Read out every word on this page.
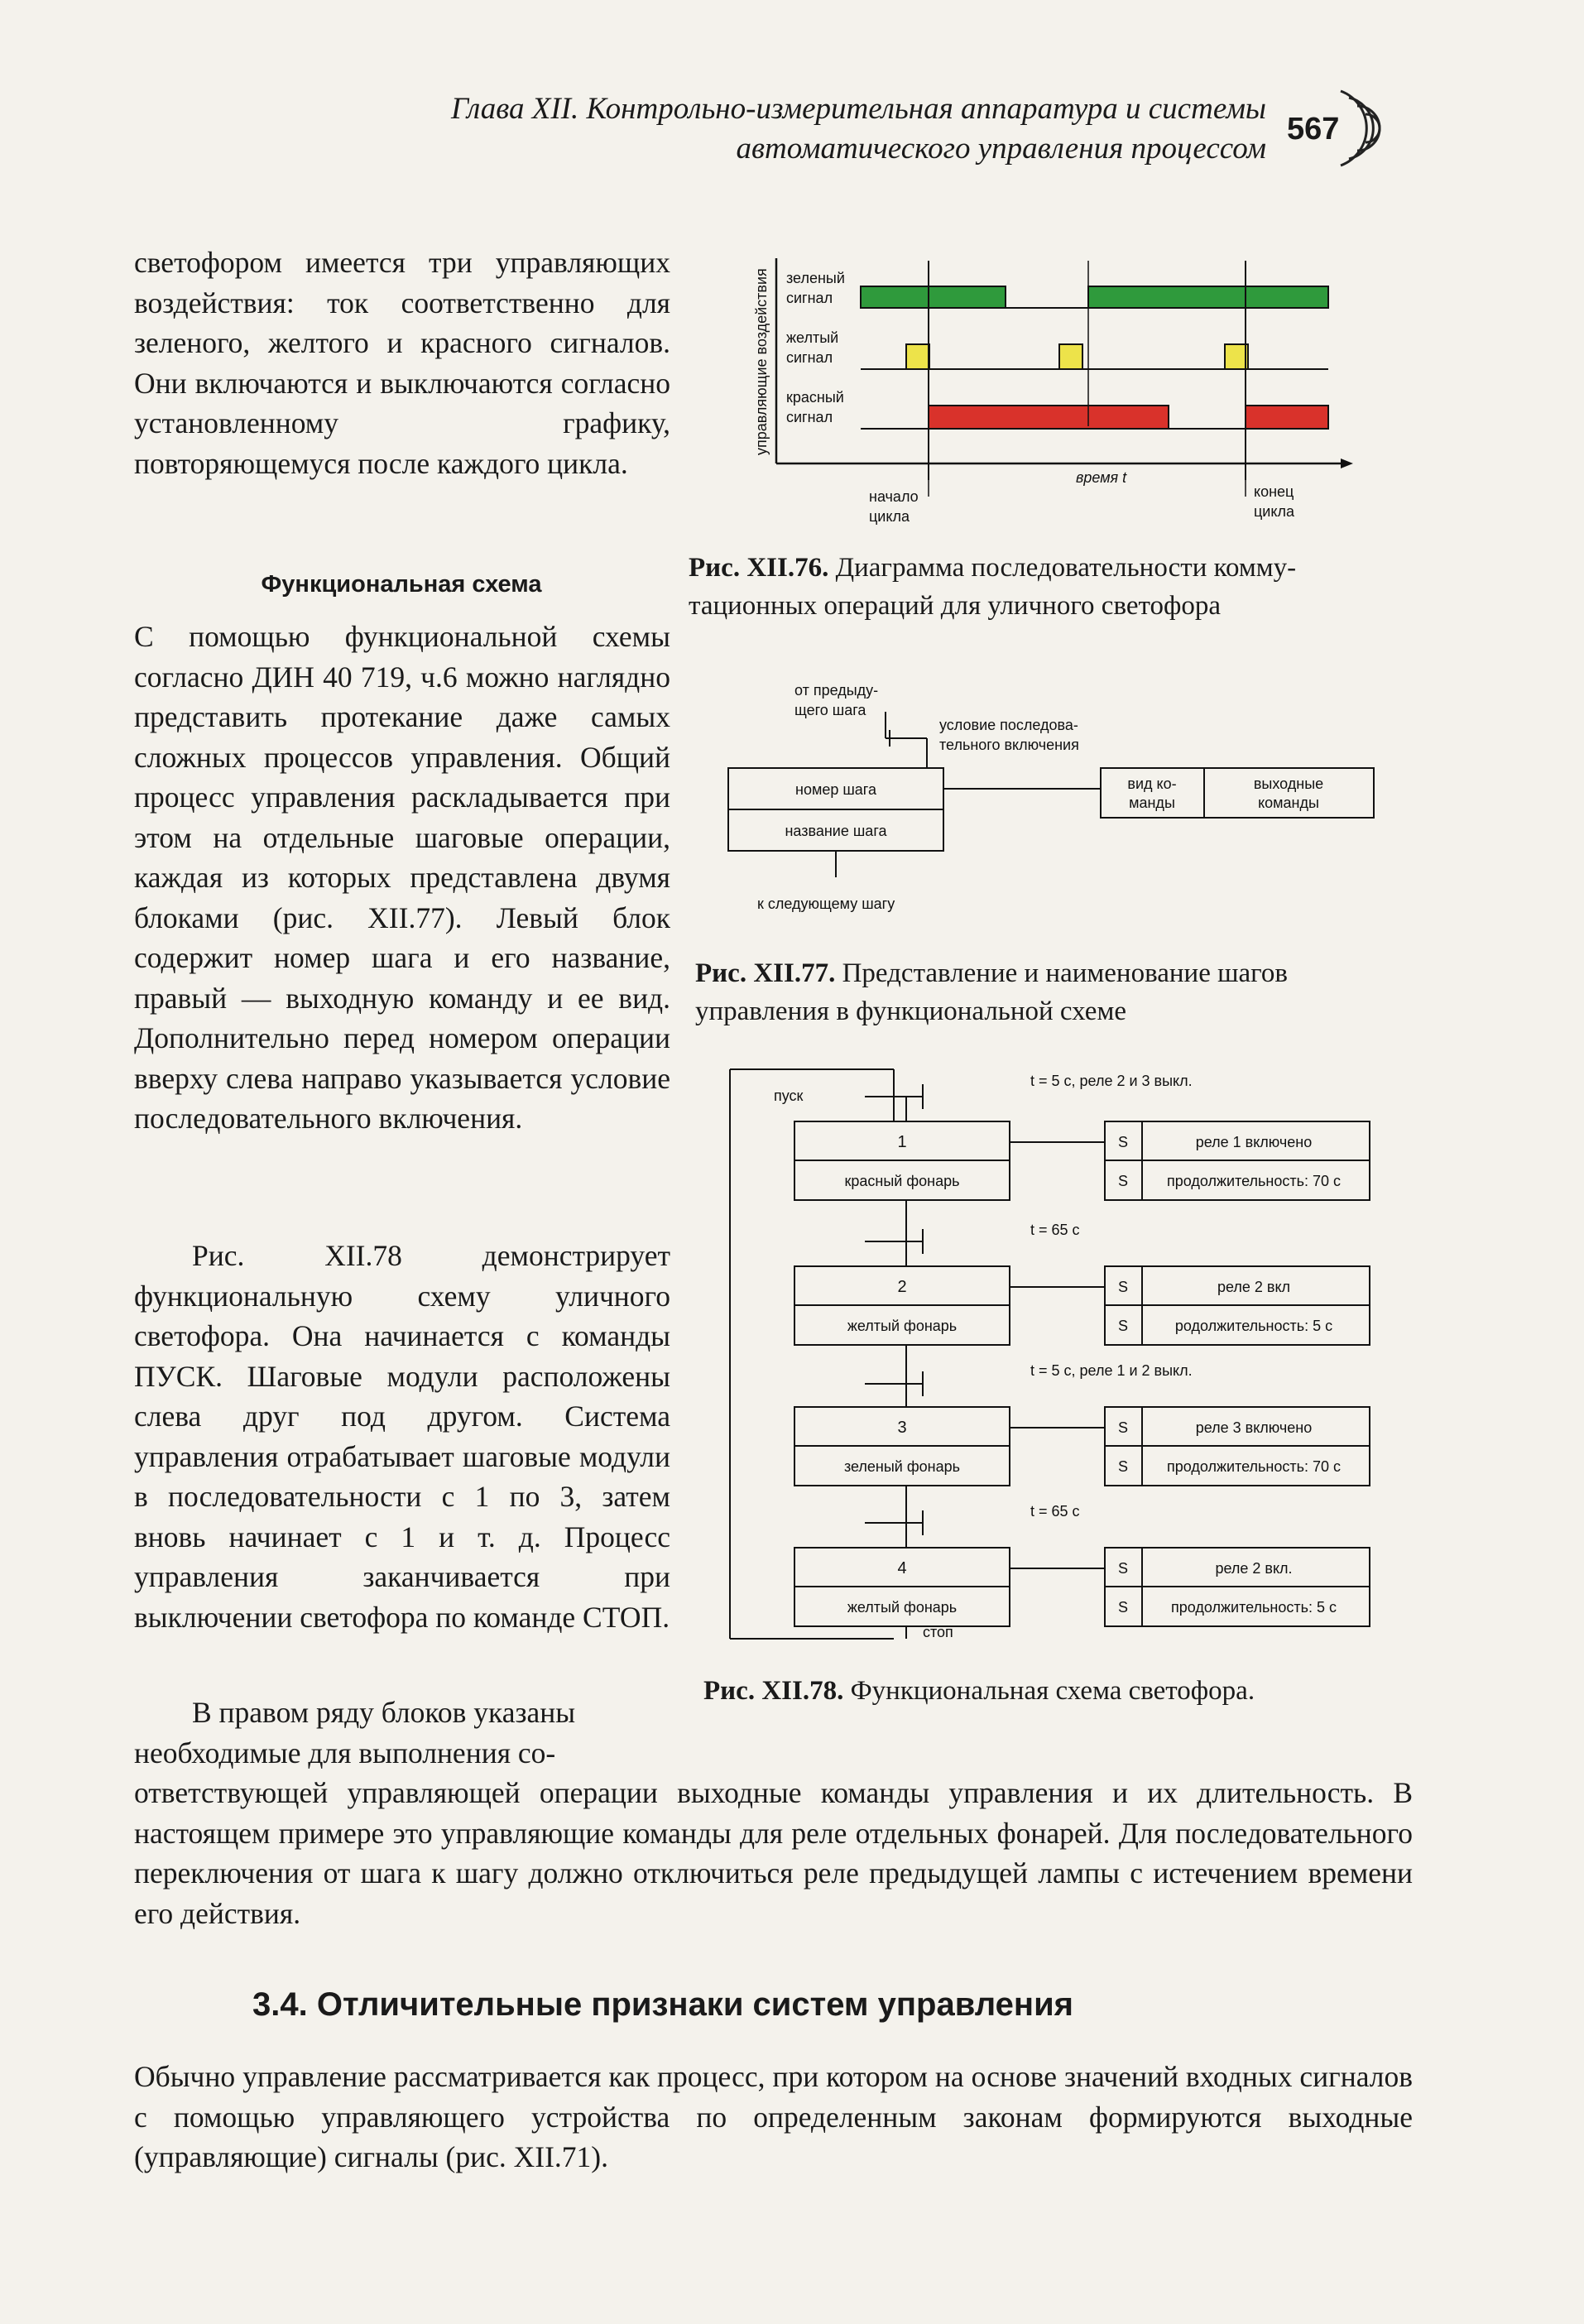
Глава XII. Контрольно-измерительная аппаратура и системы
автоматического управления процессом
567

светофором имеется три управляющих воздействия: ток соответственно для зеленого, желтого и красного сигналов. Они включаются и выключаются согласно установленному графику, повторяющемуся после каждого цикла.

Функциональная схема

С помощью функциональной схемы согласно ДИН 40 719, ч.6 можно наглядно представить протекание даже самых сложных процессов управления. Общий процесс управления раскладывается при этом на отдельные шаговые операции, каждая из которых представлена двумя блоками (рис. XII.77). Левый блок содержит номер шага и его название, правый — выходную команду и ее вид. Дополнительно перед номером операции вверху слева направо указывается условие последовательного включения.

Рис. XII.78 демонстрирует функциональную схему уличного светофора. Она начинается с команды ПУСК. Шаговые модули расположены слева друг под другом. Система управления отрабатывает шаговые модули в последовательности с 1 по 3, затем вновь начинает с 1 и т. д. Процесс управления заканчивается при выключении светофора по команде СТОП.

В правом ряду блоков указаны необходимые для выполнения со-

ответствующей управляющей операции выходные команды управления и их длительность. В настоящем примере это управляющие команды для реле отдельных фонарей. Для последовательного переключения от шага к шагу должно отключиться реле предыдущей лампы с истечением времени его действия.

3.4. Отличительные признаки систем управления

Обычно управление рассматривается как процесс, при котором на основе значений входных сигналов с помощью управляющего устройства по определенным законам формируются выходные (управляющие) сигналы (рис. XII.71).

управляющие воздействия зеленый
сигнал
желтый
сигнал
красный
сигнал
время t
начало
цикла
конец
цикла
Рис. XII.76. Диаграмма последовательности комму-
тационных операций для уличного светофора
от предыду-
щего шага
условие последова-
тельного включения
номер шага
название шага
вид ко-
манды
выходные
команды
к следующему шагу
Рис. XII.77. Представление и наименование шагов
управления в функциональной схеме
пуск
стоп
t = 5 с, реле 2 и 3 выкл.
1
красный фонарь
S	реле 1 включено
S	продолжительность: 70 с
t = 65 с
2
желтый фонарь
S	реле 2 вкл
S	родолжительность: 5 с
t = 5 с, реле 1 и 2 выкл.
3
зеленый фонарь
S	реле 3 включено
S	продолжительность: 70 с
t = 65 с
4
желтый фонарь
S	реле 2 вкл.
S	продолжительность: 5 с
Рис. XII.78. Функциональная схема светофора.
